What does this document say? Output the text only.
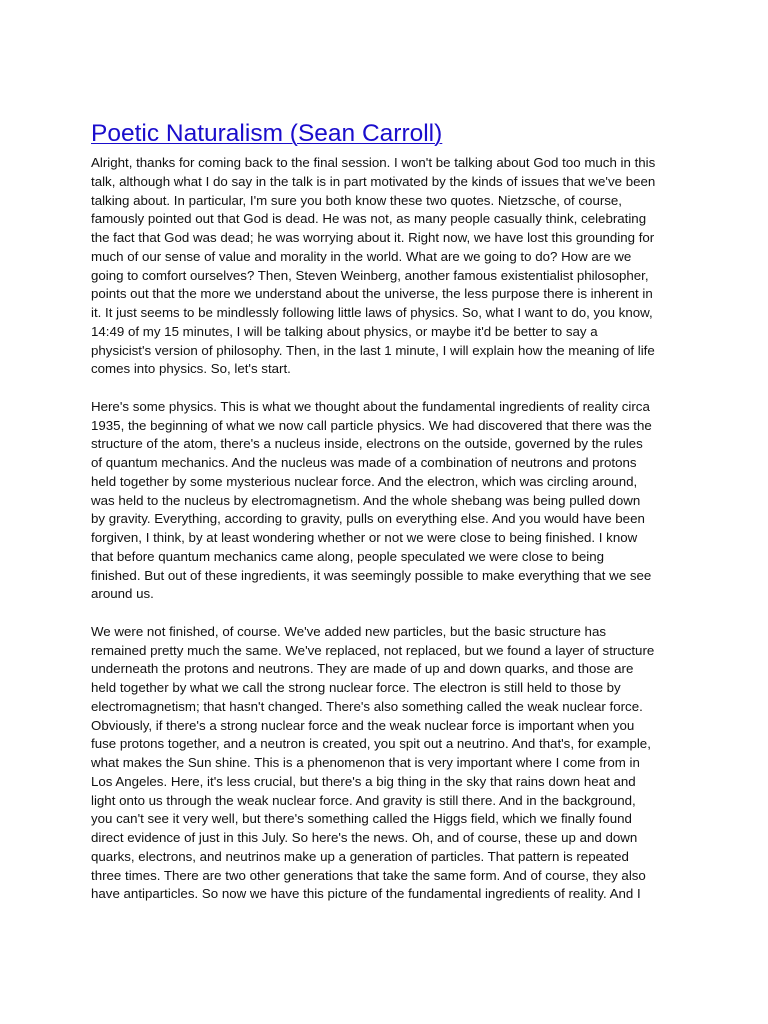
Poetic Naturalism (Sean Carroll)

Alright, thanks for coming back to the final session. I won't be talking about God too much in this
talk, although what I do say in the talk is in part motivated by the kinds of issues that we've been
talking about. In particular, I'm sure you both know these two quotes. Nietzsche, of course,
famously pointed out that God is dead. He was not, as many people casually think, celebrating
the fact that God was dead; he was worrying about it. Right now, we have lost this grounding for
much of our sense of value and morality in the world. What are we going to do? How are we
going to comfort ourselves? Then, Steven Weinberg, another famous existentialist philosopher,
points out that the more we understand about the universe, the less purpose there is inherent in
it. It just seems to be mindlessly following little laws of physics. So, what I want to do, you know,
14:49 of my 15 minutes, I will be talking about physics, or maybe it'd be better to say a
physicist's version of philosophy. Then, in the last 1 minute, I will explain how the meaning of life
comes into physics. So, let's start.

Here's some physics. This is what we thought about the fundamental ingredients of reality circa
1935, the beginning of what we now call particle physics. We had discovered that there was the
structure of the atom, there's a nucleus inside, electrons on the outside, governed by the rules
of quantum mechanics. And the nucleus was made of a combination of neutrons and protons
held together by some mysterious nuclear force. And the electron, which was circling around,
was held to the nucleus by electromagnetism. And the whole shebang was being pulled down
by gravity. Everything, according to gravity, pulls on everything else. And you would have been
forgiven, I think, by at least wondering whether or not we were close to being finished. I know
that before quantum mechanics came along, people speculated we were close to being
finished. But out of these ingredients, it was seemingly possible to make everything that we see
around us.

We were not finished, of course. We've added new particles, but the basic structure has
remained pretty much the same. We've replaced, not replaced, but we found a layer of structure
underneath the protons and neutrons. They are made of up and down quarks, and those are
held together by what we call the strong nuclear force. The electron is still held to those by
electromagnetism; that hasn't changed. There's also something called the weak nuclear force.
Obviously, if there's a strong nuclear force and the weak nuclear force is important when you
fuse protons together, and a neutron is created, you spit out a neutrino. And that's, for example,
what makes the Sun shine. This is a phenomenon that is very important where I come from in
Los Angeles. Here, it's less crucial, but there's a big thing in the sky that rains down heat and
light onto us through the weak nuclear force. And gravity is still there. And in the background,
you can't see it very well, but there's something called the Higgs field, which we finally found
direct evidence of just in this July. So here's the news. Oh, and of course, these up and down
quarks, electrons, and neutrinos make up a generation of particles. That pattern is repeated
three times. There are two other generations that take the same form. And of course, they also
have antiparticles. So now we have this picture of the fundamental ingredients of reality. And I
